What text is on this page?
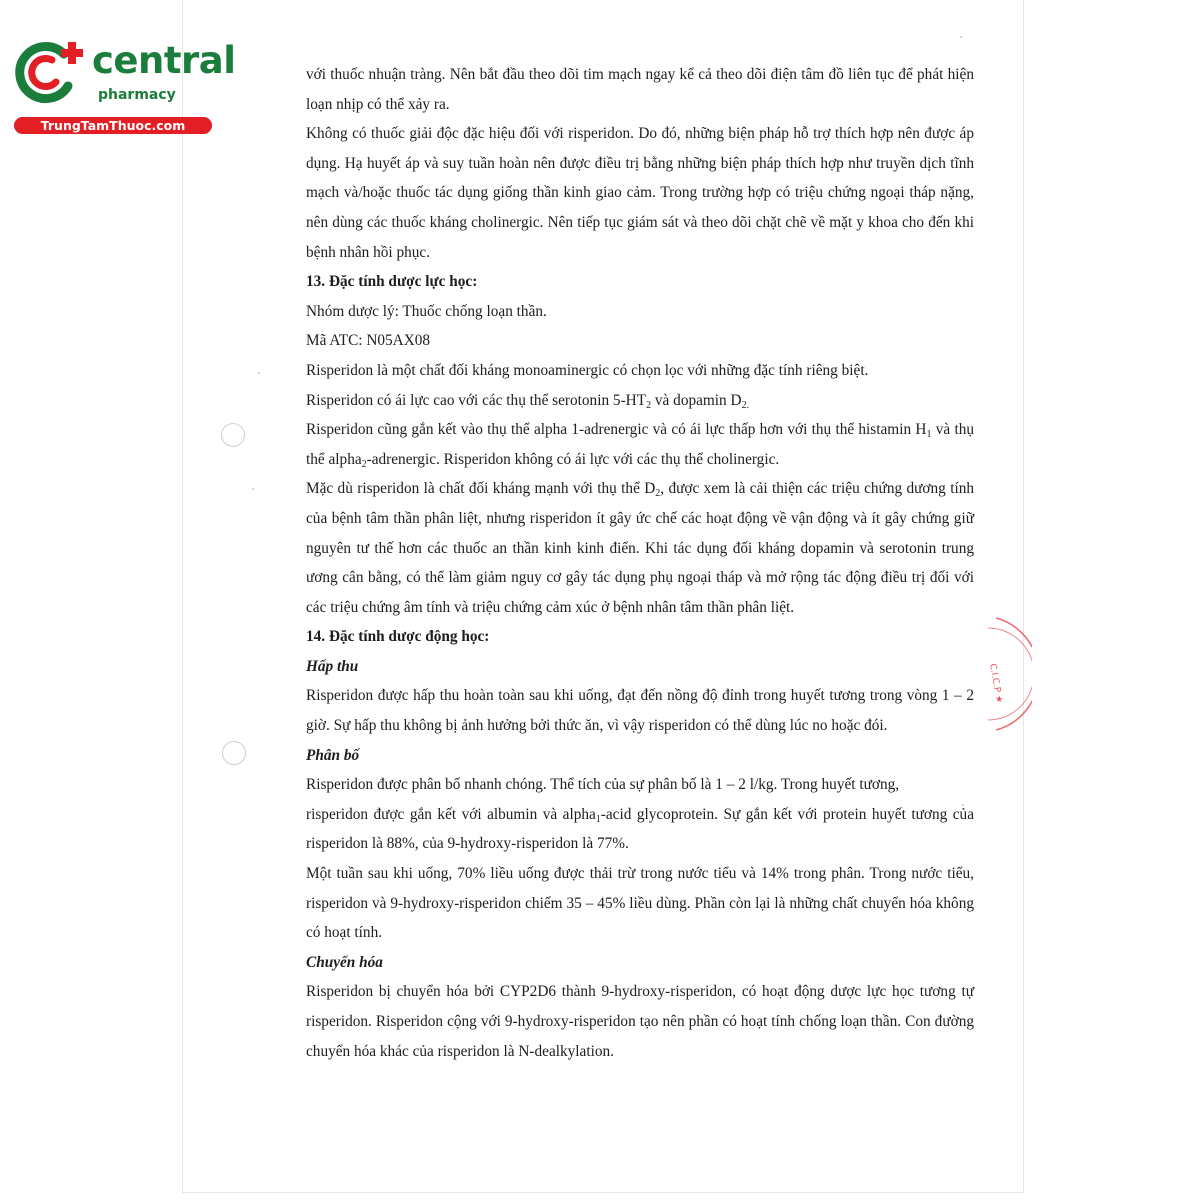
central
pharmacy
TrungTamThuoc.com
C.I.C.P ★

với thuốc nhuận tràng. Nên bắt đầu theo dõi tim mạch ngay kể cả theo dõi điện tâm đồ liên tục để phát hiện loạn nhịp có thể xảy ra.

Không có thuốc giải độc đặc hiệu đối với risperidon. Do đó, những biện pháp hỗ trợ thích hợp nên được áp dụng. Hạ huyết áp và suy tuần hoàn nên được điều trị bằng những biện pháp thích hợp như truyền dịch tĩnh mạch và/hoặc thuốc tác dụng giống thần kinh giao cảm. Trong trường hợp có triệu chứng ngoại tháp nặng, nên dùng các thuốc kháng cholinergic. Nên tiếp tục giám sát và theo dõi chặt chẽ về mặt y khoa cho đến khi bệnh nhân hồi phục.

13. Đặc tính dược lực học:

Nhóm dược lý: Thuốc chống loạn thần.

Mã ATC: N05AX08

Risperidon là một chất đối kháng monoaminergic có chọn lọc với những đặc tính riêng biệt.

Risperidon có ái lực cao với các thụ thể serotonin $5-HT_2$ và dopamin $D_{2.}$

Risperidon cũng gắn kết vào thụ thể alpha 1-adrenergic và có ái lực thấp hơn với thụ thể histamin $H_1$ và thụ thể alpha$_2$-adrenergic. Risperidon không có ái lực với các thụ thể cholinergic.

Mặc dù risperidon là chất đối kháng mạnh với thụ thể $D_2$, được xem là cải thiện các triệu chứng dương tính của bệnh tâm thần phân liệt, nhưng risperidon ít gây ức chế các hoạt động về vận động và ít gây chứng giữ nguyên tư thế hơn các thuốc an thần kinh kinh điển. Khi tác dụng đối kháng dopamin và serotonin trung ương cân bằng, có thể làm giảm nguy cơ gây tác dụng phụ ngoại tháp và mở rộng tác động điều trị đối với các triệu chứng âm tính và triệu chứng cảm xúc ở bệnh nhân tâm thần phân liệt.

14. Đặc tính dược động học:

Hấp thu

Risperidon được hấp thu hoàn toàn sau khi uống, đạt đến nồng độ đỉnh trong huyết tương trong vòng 1 – 2 giờ. Sự hấp thu không bị ảnh hưởng bởi thức ăn, vì vậy risperidon có thể dùng lúc no hoặc đói.

Phân bố

Risperidon được phân bố nhanh chóng. Thể tích của sự phân bố là 1 – 2 l/kg. Trong huyết tương,

risperidon được gắn kết với albumin và alpha$_1$-acid glycoprotein. Sự gắn kết với protein huyết tương của risperidon là 88%, của 9-hydroxy-risperidon là 77%.

Một tuần sau khi uống, 70% liều uống được thải trừ trong nước tiểu và 14% trong phân. Trong nước tiểu, risperidon và 9-hydroxy-risperidon chiếm 35 – 45% liều dùng. Phần còn lại là những chất chuyển hóa không có hoạt tính.

Chuyển hóa

Risperidon bị chuyển hóa bởi CYP2D6 thành 9-hydroxy-risperidon, có hoạt động dược lực học tương tự risperidon. Risperidon cộng với 9-hydroxy-risperidon tạo nên phần có hoạt tính chống loạn thần. Con đường chuyển hóa khác của risperidon là N-dealkylation.
